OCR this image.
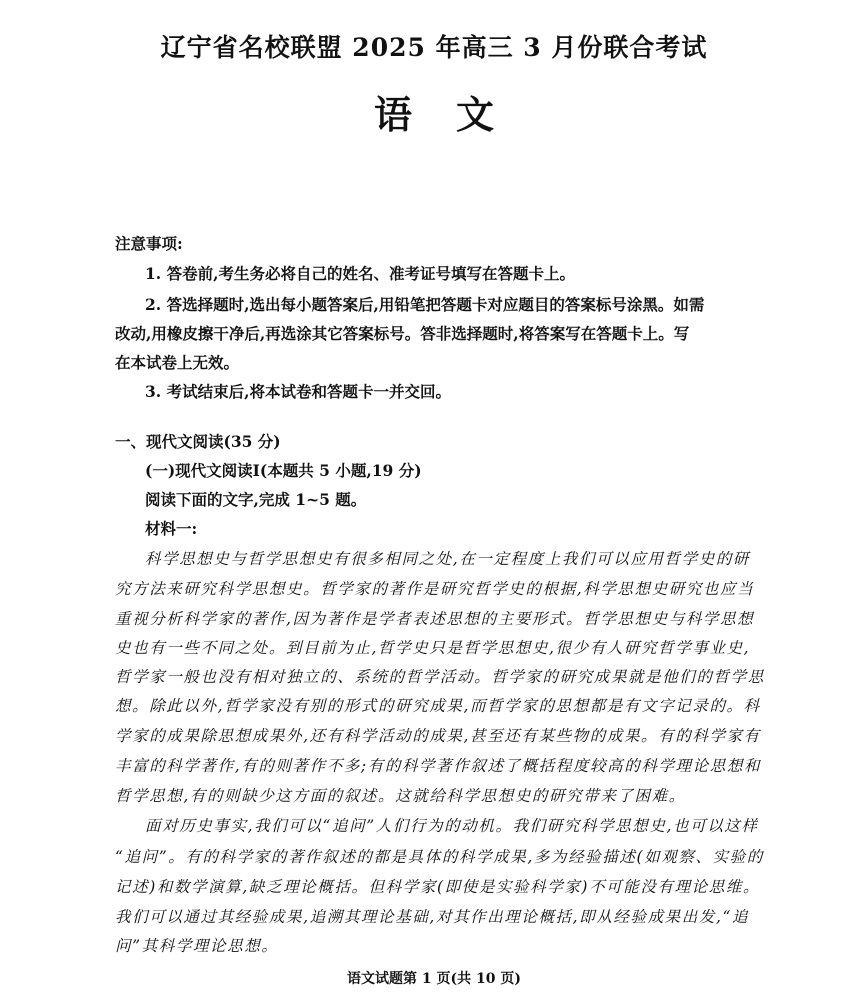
辽宁省名校联盟 2025 年高三 3 月份联合考试
语文
注意事项:
1. 答卷前,考生务必将自己的姓名、准考证号填写在答题卡上。
2. 答选择题时,选出每小题答案后,用铅笔把答题卡对应题目的答案标号涂黑。如需
改动,用橡皮擦干净后,再选涂其它答案标号。答非选择题时,将答案写在答题卡上。写
在本试卷上无效。
3. 考试结束后,将本试卷和答题卡一并交回。
一、现代文阅读(35 分)
(一)现代文阅读Ⅰ(本题共 5 小题,19 分)
阅读下面的文字,完成 1~5 题。
材料一:
科学思想史与哲学思想史有很多相同之处,在一定程度上我们可以应用哲学史的研
究方法来研究科学思想史。哲学家的著作是研究哲学史的根据,科学思想史研究也应当
重视分析科学家的著作,因为著作是学者表述思想的主要形式。哲学思想史与科学思想
史也有一些不同之处。到目前为止,哲学史只是哲学思想史,很少有人研究哲学事业史,
哲学家一般也没有相对独立的、系统的哲学活动。哲学家的研究成果就是他们的哲学思
想。除此以外,哲学家没有别的形式的研究成果,而哲学家的思想都是有文字记录的。科
学家的成果除思想成果外,还有科学活动的成果,甚至还有某些物的成果。有的科学家有
丰富的科学著作,有的则著作不多;有的科学著作叙述了概括程度较高的科学理论思想和
哲学思想,有的则缺少这方面的叙述。这就给科学思想史的研究带来了困难。
面对历史事实,我们可以“追问”人们行为的动机。我们研究科学思想史,也可以这样
“追问”。有的科学家的著作叙述的都是具体的科学成果,多为经验描述(如观察、实验的
记述)和数学演算,缺乏理论概括。但科学家(即使是实验科学家)不可能没有理论思维。
我们可以通过其经验成果,追溯其理论基础,对其作出理论概括,即从经验成果出发,“追
问”其科学理论思想。
语文试题第 1 页(共 10 页)
